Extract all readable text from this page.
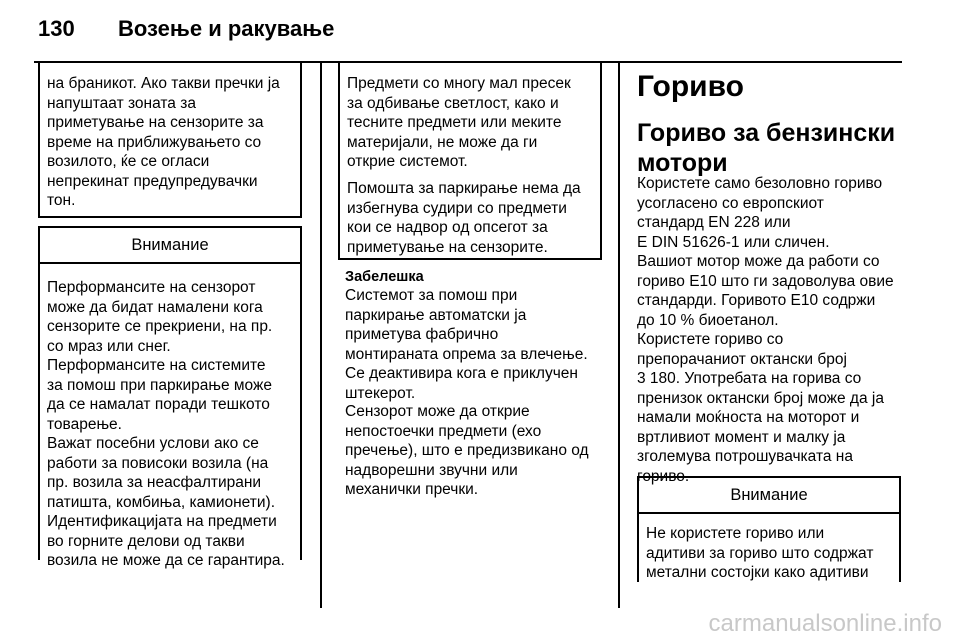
130 Возење и ракување

на браникот. Ако такви пречки ја
напуштаат зоната за
приметување на сензорите за
време на приближувањето со
возилото, ќе се огласи
непрекинат предупредувачки
тон.

Внимание

Перформансите на сензорот
може да бидат намалени кога
сензорите се прекриени, на пр.
со мраз или снег.

Перформансите на системите
за помош при паркирање може
да се намалат поради тешкото
товарење.

Важат посебни услови ако се
работи за повисоки возила (на
пр. возила за неасфалтирани
патишта, комбиња, камионети).
Идентификацијата на предмети
во горните делови од такви
возила не може да се гарантира.

Предмети со многу мал пресек
за одбивање светлост, како и
тесните предмети или меките
материјали, не може да ги
открие системот.

Помошта за паркирање нема да
избегнува судири со предмети
кои се надвор од опсегот за
приметување на сензорите.

Забелешка

Системот за помош при
паркирање автоматски ја
приметува фабрично
монтираната опрема за влечење.
Се деактивира кога е приклучен
штекерот.

Сензорот може да открие
непостоечки предмети (ехо
пречење), што е предизвикано од
надворешни звучни или
механички пречки.

Гориво
Гориво за бензински
мотори

Користете само безоловно гориво
усогласено со европскиот
стандард EN 228 или
E DIN 51626-1 или сличен.

Вашиот мотор може да работи со
гориво Е10 што ги задоволува овие
стандарди. Горивото Е10 содржи
до 10 % биоетанол.

Користете гориво со
препорачаниот октански број
3 180. Употребата на горива со
пренизок октански број може да ја
намали моќноста на моторот и
вртливиот момент и малку ја
зголемува потрошувачката на
гориво.

Внимание

Не користете гориво или
адитиви за гориво што содржат
метални состојки како адитиви

carmanualsonline.info
